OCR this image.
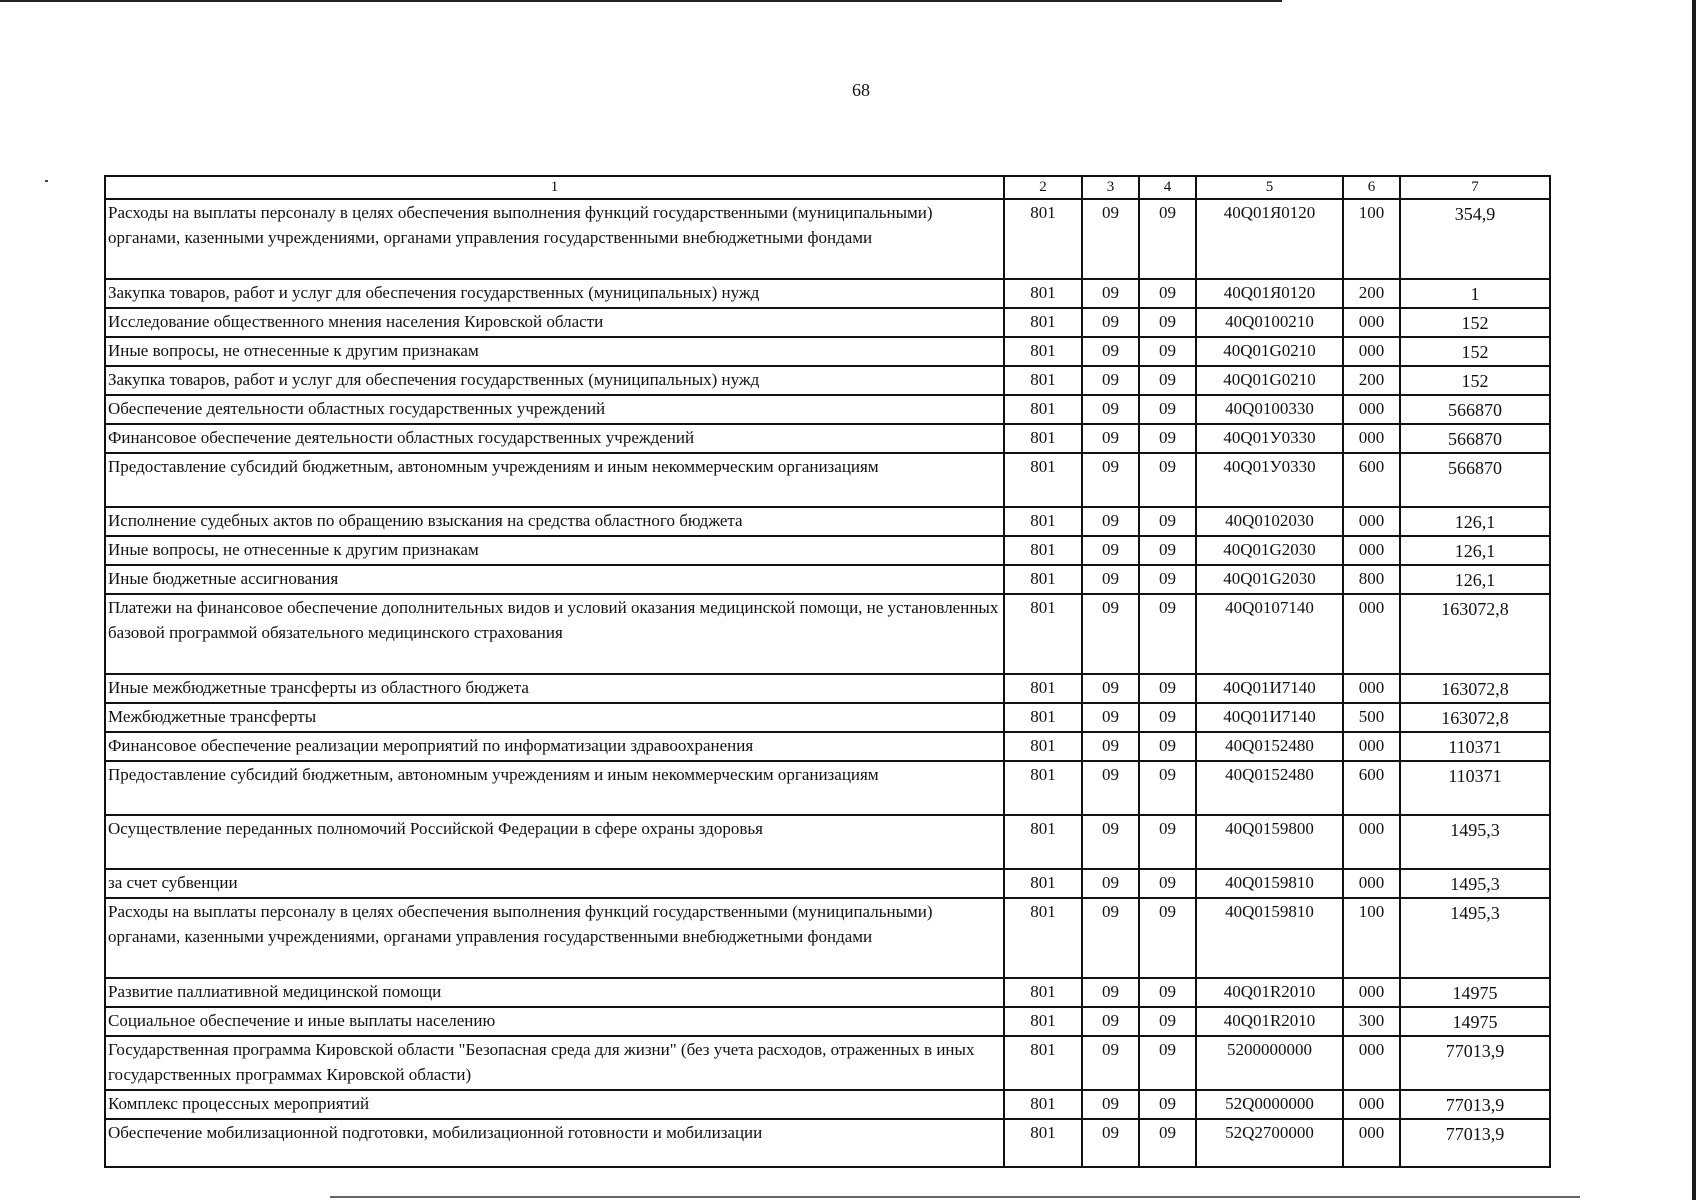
68
1	2	3	4	5	6	7
Расходы на выплаты персоналу в целях обеспечения выполнения функций государственными (муниципальными) органами, казенными учреждениями, органами управления государственными внебюджетными фондами	801	09	09	40Q01Я0120	100	354,9
Закупка товаров, работ и услуг для обеспечения государственных (муниципальных) нужд	801	09	09	40Q01Я0120	200	1
Исследование общественного мнения населения Кировской области	801	09	09	40Q0100210	000	152
Иные вопросы, не отнесенные к другим признакам	801	09	09	40Q01G0210	000	152
Закупка товаров, работ и услуг для обеспечения государственных (муниципальных) нужд	801	09	09	40Q01G0210	200	152
Обеспечение деятельности областных государственных учреждений	801	09	09	40Q0100330	000	566870
Финансовое обеспечение деятельности областных государственных учреждений	801	09	09	40Q01У0330	000	566870
Предоставление субсидий бюджетным, автономным учреждениям и иным некоммерческим организациям	801	09	09	40Q01У0330	600	566870
Исполнение судебных актов по обращению взыскания на средства областного бюджета	801	09	09	40Q0102030	000	126,1
Иные вопросы, не отнесенные к другим признакам	801	09	09	40Q01G2030	000	126,1
Иные бюджетные ассигнования	801	09	09	40Q01G2030	800	126,1
Платежи на финансовое обеспечение дополнительных видов и условий оказания медицинской помощи, не установленных базовой программой обязательного медицинского страхования	801	09	09	40Q0107140	000	163072,8
Иные межбюджетные трансферты из областного бюджета	801	09	09	40Q01И7140	000	163072,8
Межбюджетные трансферты	801	09	09	40Q01И7140	500	163072,8
Финансовое обеспечение реализации мероприятий по информатизации здравоохранения	801	09	09	40Q0152480	000	110371
Предоставление субсидий бюджетным, автономным учреждениям и иным некоммерческим организациям	801	09	09	40Q0152480	600	110371
Осуществление переданных полномочий Российской Федерации в сфере охраны здоровья	801	09	09	40Q0159800	000	1495,3
за счет субвенции	801	09	09	40Q0159810	000	1495,3
Расходы на выплаты персоналу в целях обеспечения выполнения функций государственными (муниципальными) органами, казенными учреждениями, органами управления государственными внебюджетными фондами	801	09	09	40Q0159810	100	1495,3
Развитие паллиативной медицинской помощи	801	09	09	40Q01R2010	000	14975
Социальное обеспечение и иные выплаты населению	801	09	09	40Q01R2010	300	14975
Государственная программа Кировской области "Безопасная среда для жизни" (без учета расходов, отраженных в иных государственных программах Кировской области)	801	09	09	5200000000	000	77013,9
Комплекс процессных мероприятий	801	09	09	52Q0000000	000	77013,9
Обеспечение мобилизационной подготовки, мобилизационной готовности и мобилизации	801	09	09	52Q2700000	000	77013,9
